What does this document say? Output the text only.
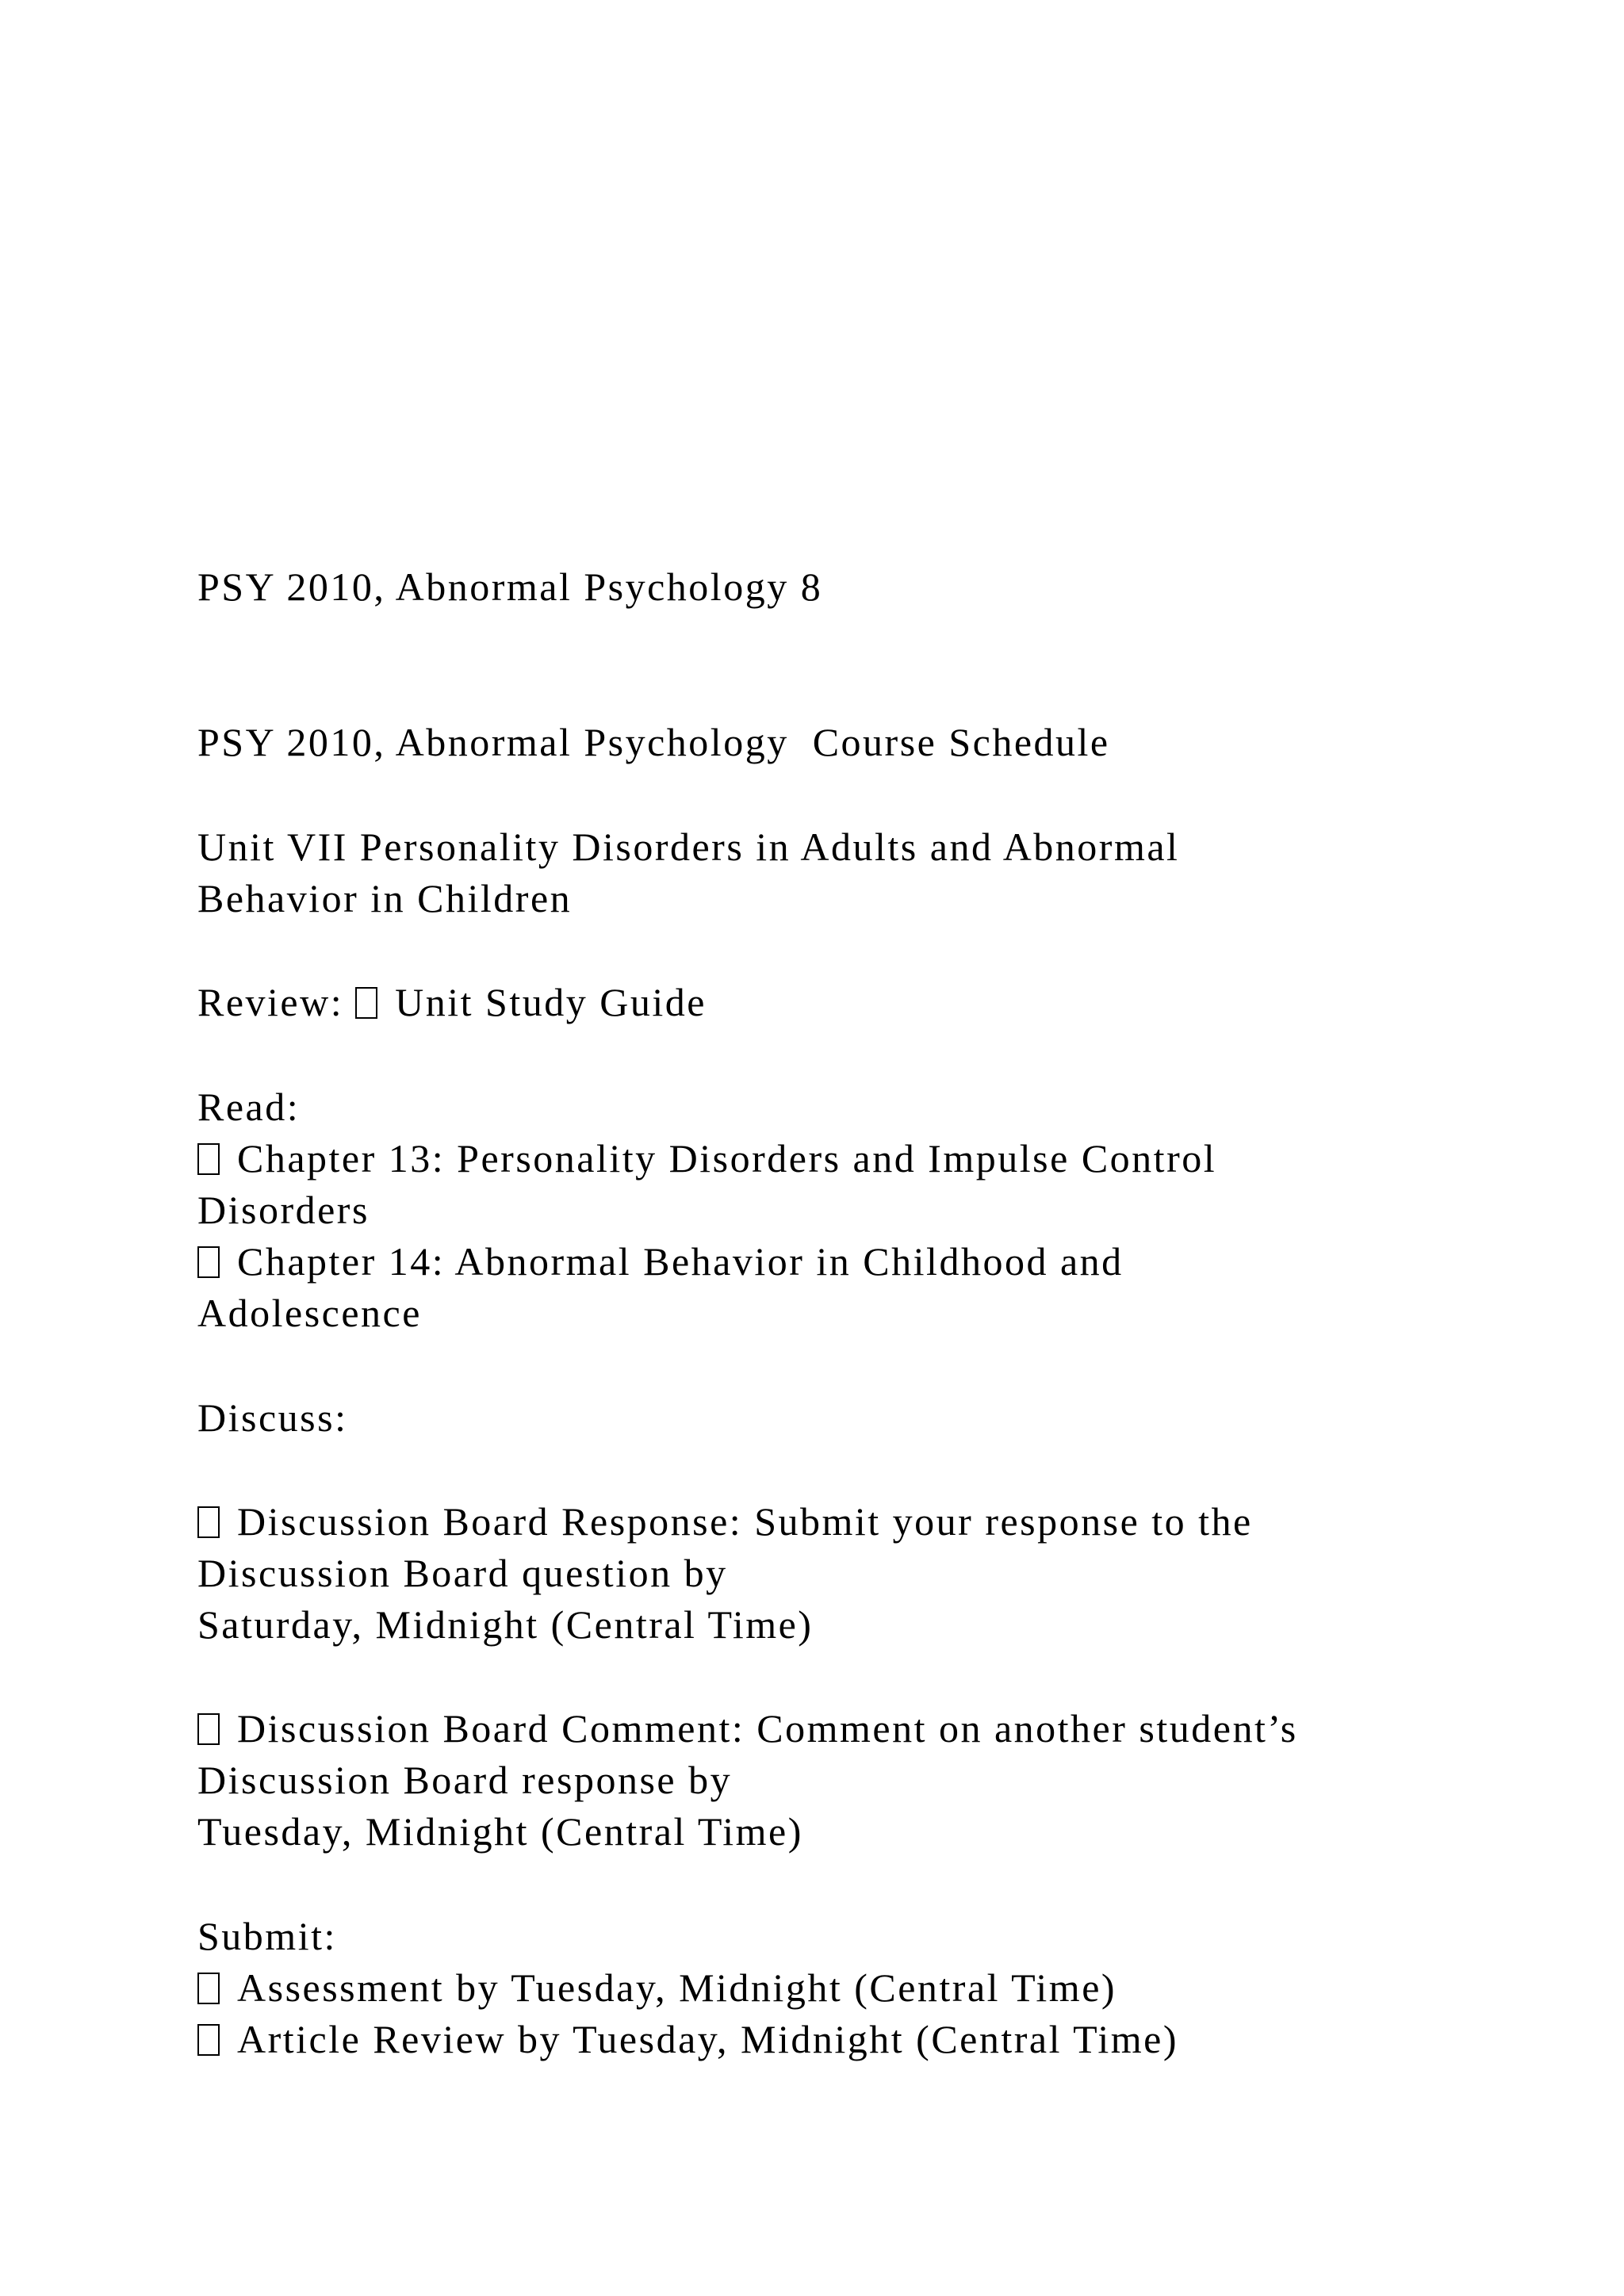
PSY 2010, Abnormal Psychology 8

PSY 2010, Abnormal Psychology  Course Schedule

Unit VII Personality Disorders in Adults and Abnormal

Behavior in Children

Review: Unit Study Guide

Read:

Chapter 13: Personality Disorders and Impulse Control

Disorders

Chapter 14: Abnormal Behavior in Childhood and

Adolescence

Discuss:

Discussion Board Response: Submit your response to the

Discussion Board question by

Saturday, Midnight (Central Time)

Discussion Board Comment: Comment on another student’s

Discussion Board response by

Tuesday, Midnight (Central Time)

Submit:

Assessment by Tuesday, Midnight (Central Time)

Article Review by Tuesday, Midnight (Central Time)
